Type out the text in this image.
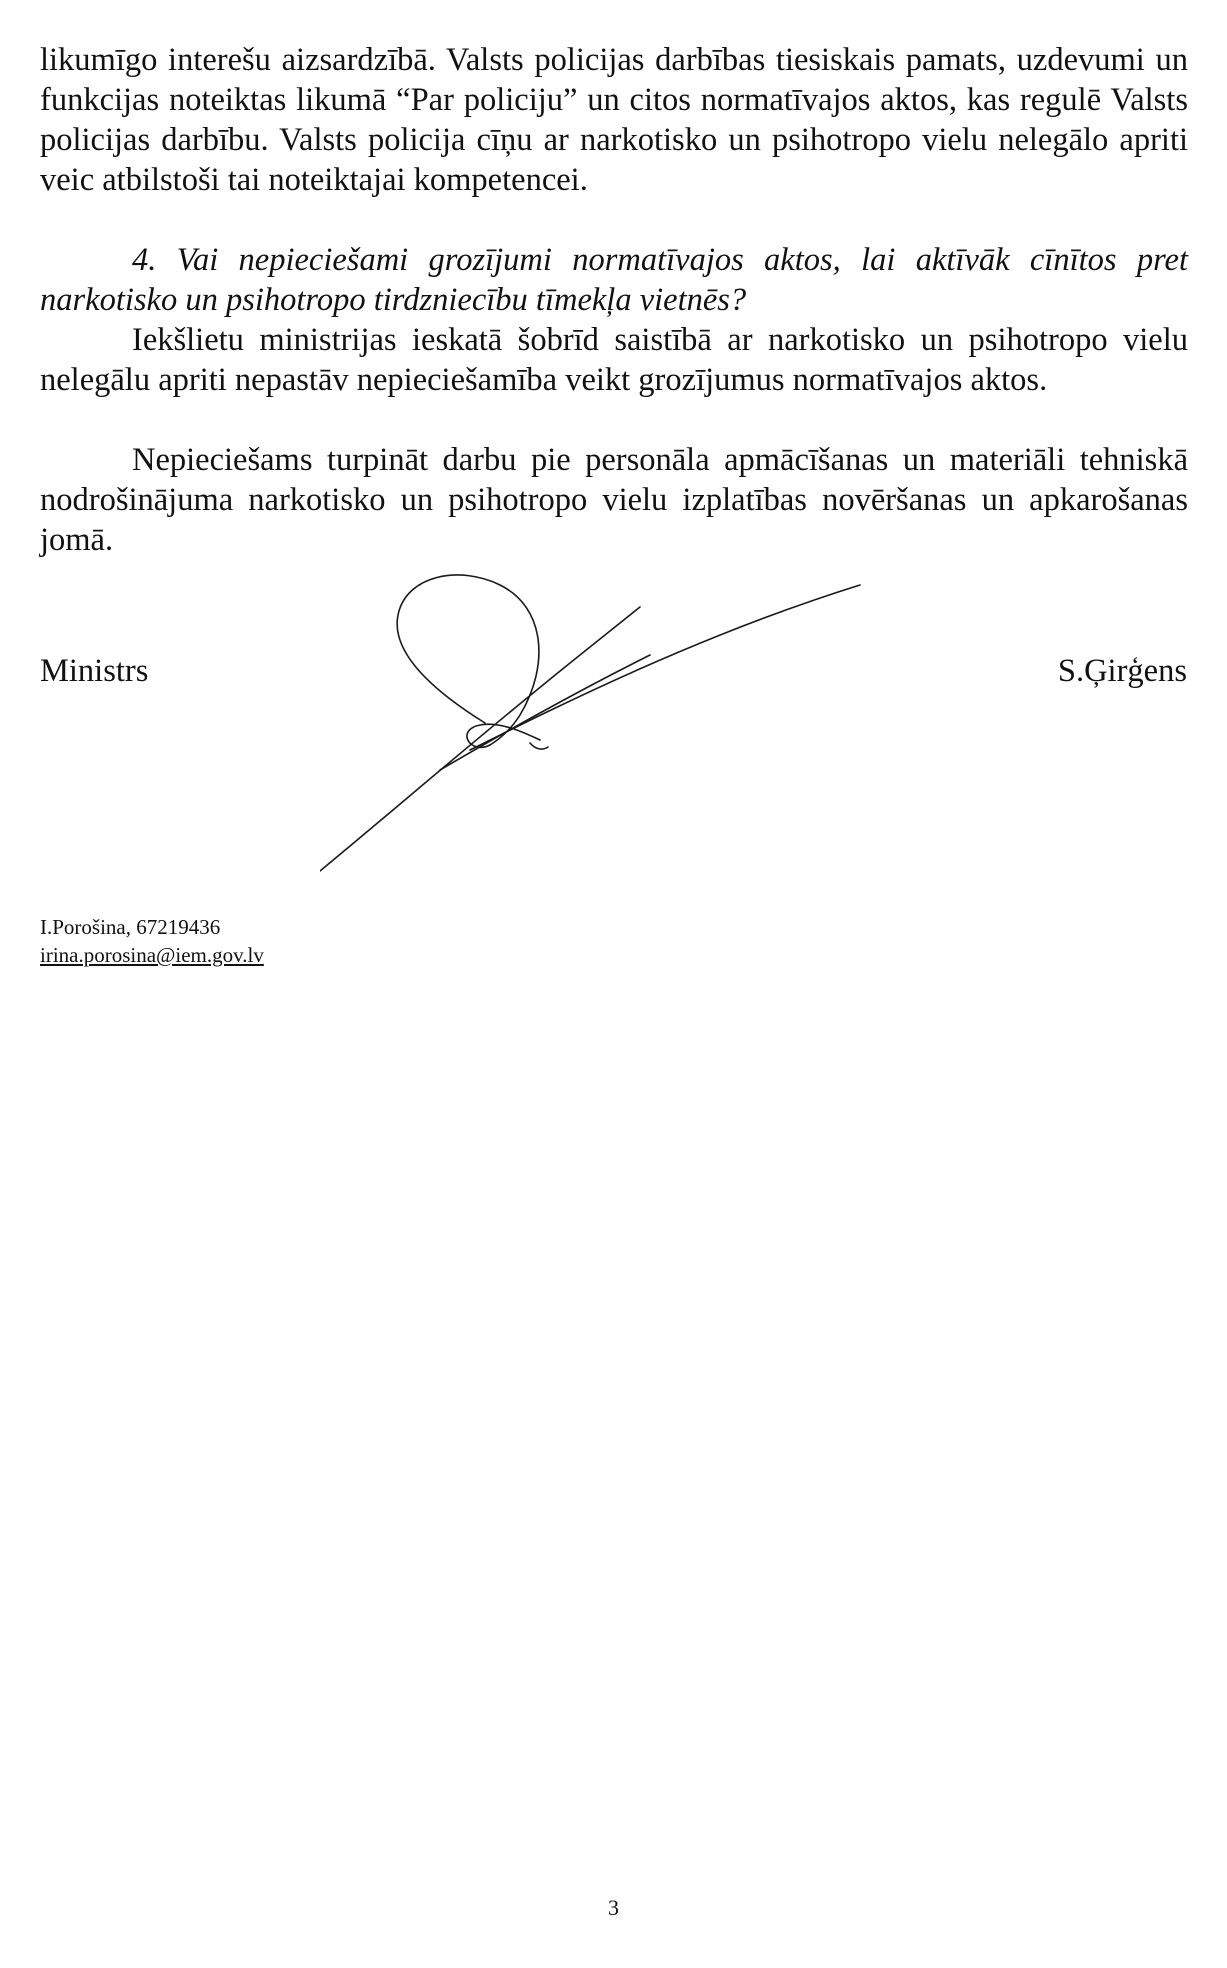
likumīgo interešu aizsardzībā. Valsts policijas darbības tiesiskais pamats, uzdevumi un funkcijas noteiktas likumā “Par policiju” un citos normatīvajos aktos, kas regulē Valsts policijas darbību. Valsts policija cīņu ar narkotisko un psihotropo vielu nelegālo apriti veic atbilstoši tai noteiktajai kompetencei.

4. Vai nepieciešami grozījumi normatīvajos aktos, lai aktīvāk cīnītos pret narkotisko un psihotropo tirdzniecību tīmekļa vietnēs?

Iekšlietu ministrijas ieskatā šobrīd saistībā ar narkotisko un psihotropo vielu nelegālu apriti nepastāv nepieciešamība veikt grozījumus normatīvajos aktos.

Nepieciešams turpināt darbu pie personāla apmācīšanas un materiāli tehniskā nodrošinājuma narkotisko un psihotropo vielu izplatības novēršanas un apkarošanas jomā.

Ministrs	S.Ģirģens

I.Porošina, 67219436

irina.porosina@iem.gov.lv

3
